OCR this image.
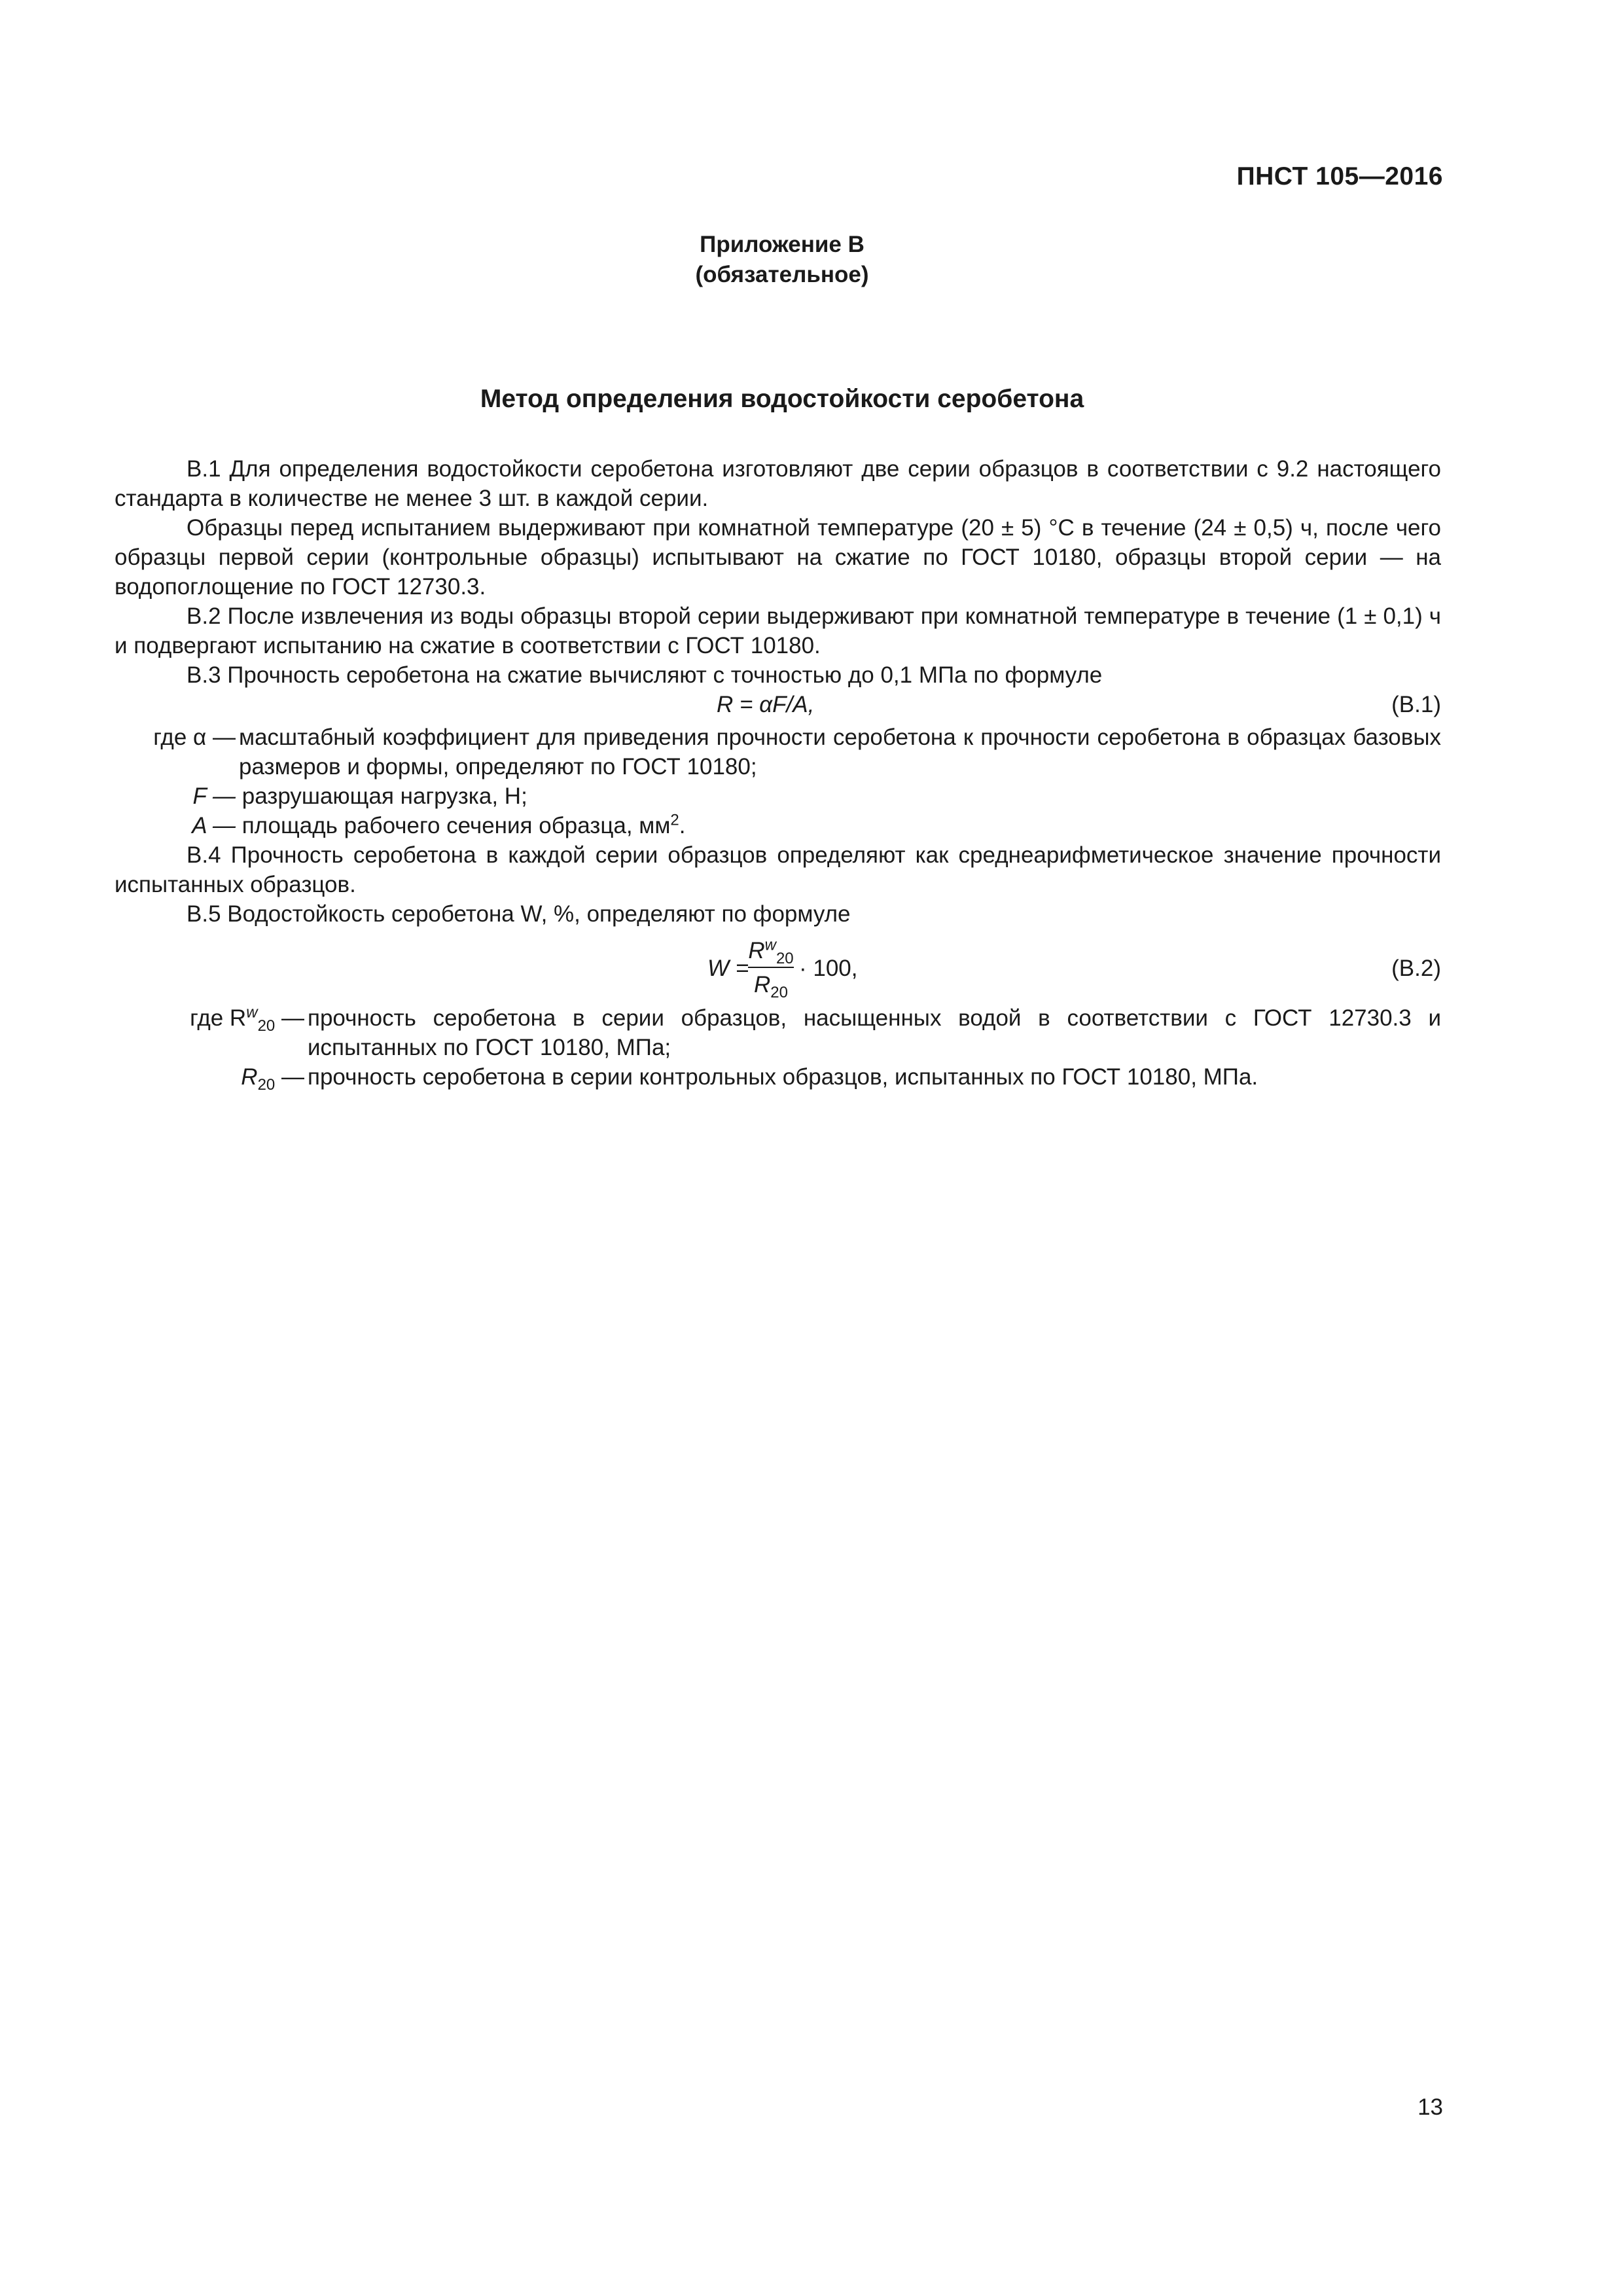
ПНСТ 105—2016
Приложение В
(обязательное)
Метод определения водостойкости серобетона

В.1 Для определения водостойкости серобетона изготовляют две серии образцов в соответствии с 9.2 настоящего стандарта в количестве не менее 3 шт. в каждой серии.

Образцы перед испытанием выдерживают при комнатной температуре (20 ± 5) °С в течение (24 ± 0,5) ч, после чего образцы первой серии (контрольные образцы) испытывают на сжатие по ГОСТ 10180, образцы второй серии — на водопоглощение по ГОСТ 12730.3.

В.2 После извлечения из воды образцы второй серии выдерживают при комнатной температуре в течение (1 ± 0,1) ч и подвергают испытанию на сжатие в соответствии с ГОСТ 10180.

В.3 Прочность серобетона на сжатие вычисляют с точностью до 0,1 МПа по формуле

R = αF/A,	(В.1)

где α — масштабный коэффициент для приведения прочности серобетона к прочности серобетона в образцах базовых размеров и формы, определяют по ГОСТ 10180;

F — разрушающая нагрузка, Н;

A — площадь рабочего сечения образца, $мм^2$.

В.4 Прочность серобетона в каждой серии образцов определяют как среднеарифметическое значение прочности испытанных образцов.

В.5 Водостойкость серобетона W, %, определяют по формуле

W =
$\frac{R^w_{20}}{R_{20}} \cdot 100$,	(В.2)

где $R^w_{20}$ — прочность серобетона в серии образцов, насыщенных водой в соответствии с ГОСТ 12730.3 и испытанных по ГОСТ 10180, МПа;

$R_{20}$ — прочность серобетона в серии контрольных образцов, испытанных по ГОСТ 10180, МПа.

13
